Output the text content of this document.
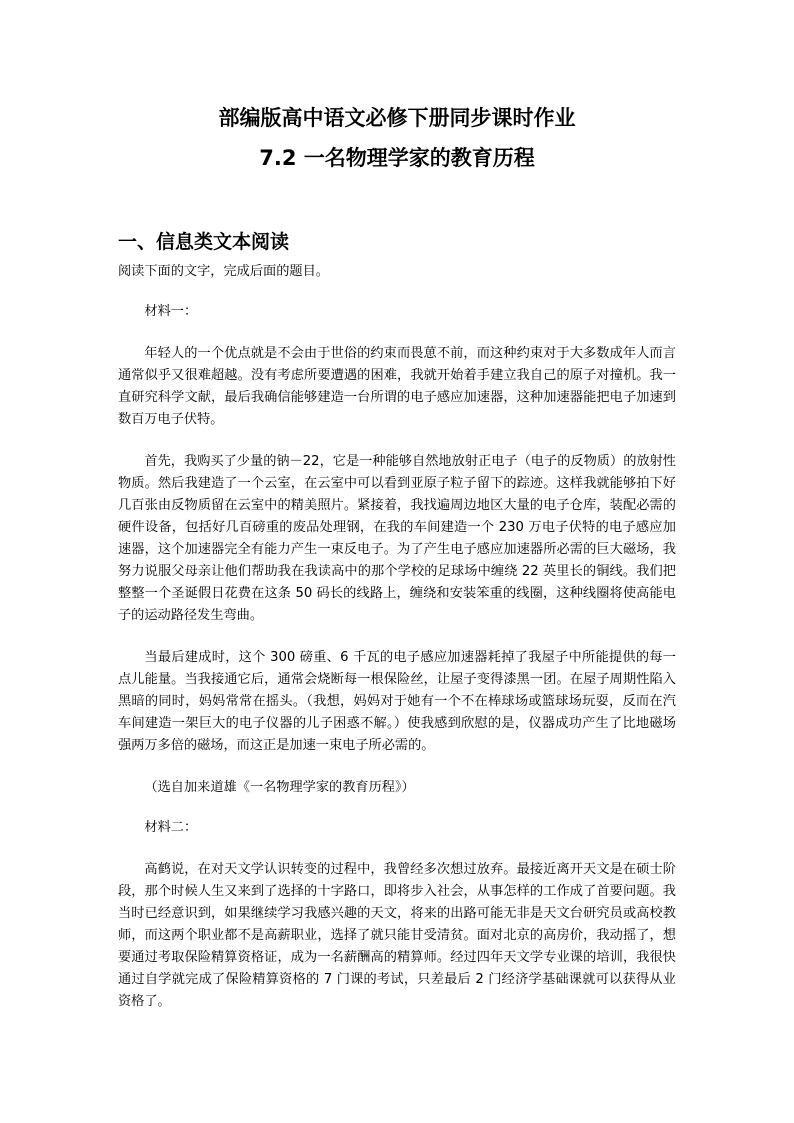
部编版高中语文必修下册同步课时作业
7.2 一名物理学家的教育历程
一、信息类文本阅读

阅读下面的文字，完成后面的题目。

材料一：

年轻人的一个优点就是不会由于世俗的约束而畏葸不前，而这种约束对于大多数成年人而言通常似乎又很难超越。没有考虑所要遭遇的困难，我就开始着手建立我自己的原子对撞机。我一直研究科学文献，最后我确信能够建造一台所谓的电子感应加速器，这种加速器能把电子加速到数百万电子伏特。

首先，我购买了少量的钠－22，它是一种能够自然地放射正电子（电子的反物质）的放射性物质。然后我建造了一个云室，在云室中可以看到亚原子粒子留下的踪迹。这样我就能够拍下好几百张由反物质留在云室中的精美照片。紧接着，我找遍周边地区大量的电子仓库，装配必需的硬件设备，包括好几百磅重的废品处理钢，在我的车间建造一个 230 万电子伏特的电子感应加速器，这个加速器完全有能力产生一束反电子。为了产生电子感应加速器所必需的巨大磁场，我努力说服父母亲让他们帮助我在我读高中的那个学校的足球场中缠绕 22 英里长的铜线。我们把整整一个圣诞假日花费在这条 50 码长的线路上，缠绕和安装笨重的线圈，这种线圈将使高能电子的运动路径发生弯曲。

当最后建成时，这个 300 磅重、6 千瓦的电子感应加速器耗掉了我屋子中所能提供的每一点儿能量。当我接通它后，通常会烧断每一根保险丝，让屋子变得漆黑一团。在屋子周期性陷入黑暗的同时，妈妈常常在摇头。（我想，妈妈对于她有一个不在棒球场或篮球场玩耍，反而在汽车间建造一架巨大的电子仪器的儿子困惑不解。）使我感到欣慰的是，仪器成功产生了比地磁场强两万多倍的磁场，而这正是加速一束电子所必需的。

（选自加来道雄《一名物理学家的教育历程》）

材料二：

高鹤说，在对天文学认识转变的过程中，我曾经多次想过放弃。最接近离开天文是在硕士阶段，那个时候人生又来到了选择的十字路口，即将步入社会，从事怎样的工作成了首要问题。我当时已经意识到，如果继续学习我感兴趣的天文，将来的出路可能无非是天文台研究员或高校教师，而这两个职业都不是高薪职业，选择了就只能甘受清贫。面对北京的高房价，我动摇了，想要通过考取保险精算资格证，成为一名薪酬高的精算师。经过四年天文学专业课的培训，我很快通过自学就完成了保险精算资格的 7 门课的考试，只差最后 2 门经济学基础课就可以获得从业资格了。
